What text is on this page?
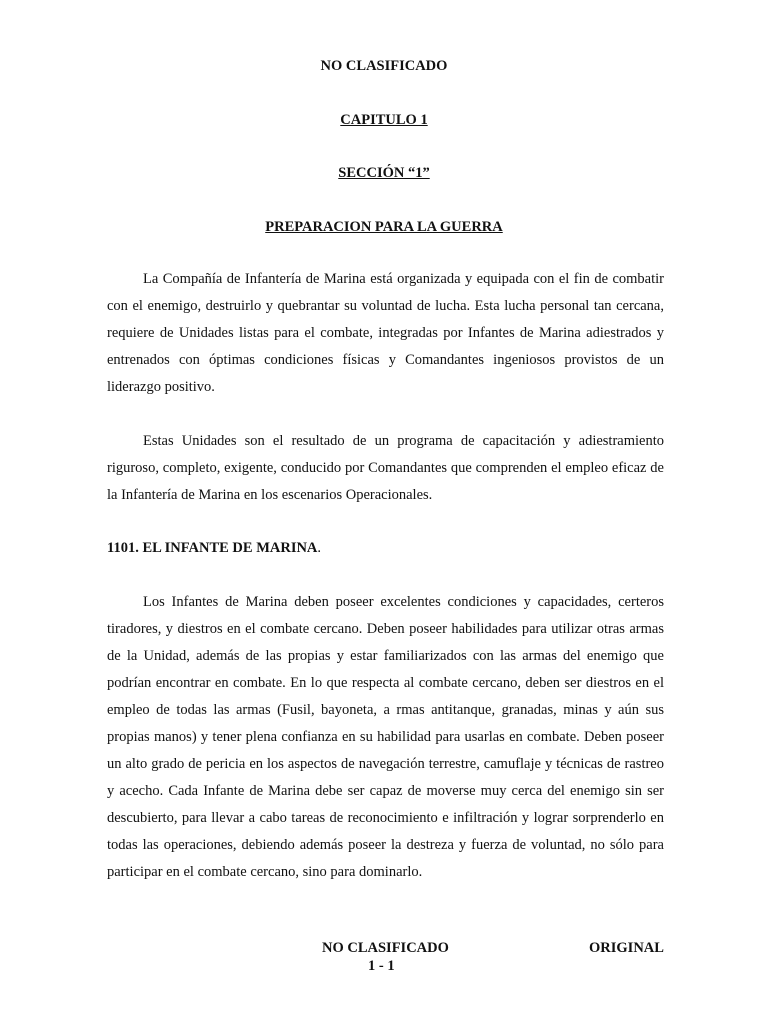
NO CLASIFICADO
CAPITULO 1
SECCIÓN “1”
PREPARACION PARA LA GUERRA

La Compañía de Infantería de Marina está organizada y equipada con el fin de combatir con el enemigo, destruirlo y quebrantar su voluntad de lucha. Esta lucha personal tan cercana, requiere de Unidades listas para el combate, integradas por Infantes de Marina adiestrados y entrenados con óptimas condiciones físicas y Comandantes ingeniosos provistos de un liderazgo positivo.

Estas Unidades son el resultado de un programa de capacitación y adiestramiento riguroso, completo, exigente, conducido por Comandantes que comprenden el empleo eficaz de la Infantería de Marina en los escenarios Operacionales.

1101. EL INFANTE DE MARINA.

Los Infantes de Marina deben poseer excelentes condiciones y capacidades, certeros tiradores, y diestros en el combate cercano. Deben poseer habilidades para utilizar otras armas de la Unidad, además de las propias y estar familiarizados con las armas del enemigo que podrían encontrar en combate. En lo que respecta al combate cercano, deben ser diestros en el empleo de todas las armas (Fusil, bayoneta, a rmas antitanque, granadas, minas y aún sus propias manos) y tener plena confianza en su habilidad para usarlas en combate. Deben poseer un alto grado de pericia en los aspectos de navegación terrestre, camuflaje y técnicas de rastreo y acecho. Cada Infante de Marina debe ser capaz de moverse muy cerca del enemigo sin ser descubierto, para llevar a cabo tareas de reconocimiento e infiltración y lograr sorprenderlo en todas las operaciones, debiendo además poseer la destreza y fuerza de voluntad, no sólo para participar en el combate cercano, sino para dominarlo.

NO CLASIFICADO
1 - 1
ORIGINAL
